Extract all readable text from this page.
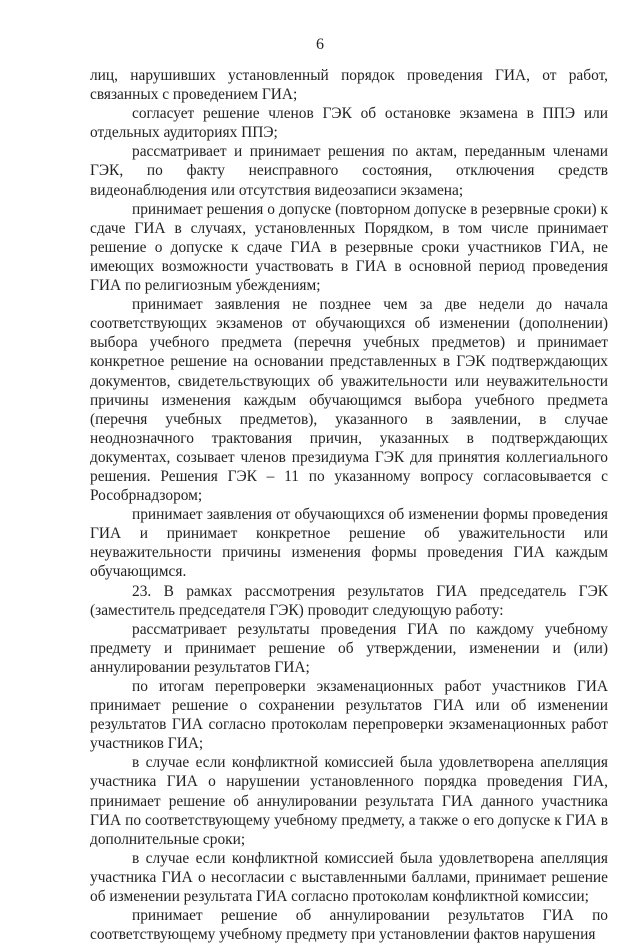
6

лиц, нарушивших установленный порядок проведения ГИА, от работ, связанных с проведением ГИА;

согласует решение членов ГЭК об остановке экзамена в ППЭ или отдельных аудиториях ППЭ;

рассматривает и принимает решения по актам, переданным членами ГЭК, по факту неисправного состояния, отключения средств видеонаблюдения или отсутствия видеозаписи экзамена;

принимает решения о допуске (повторном допуске в резервные сроки) к сдаче ГИА в случаях, установленных Порядком, в том числе принимает решение о допуске к сдаче ГИА в резервные сроки участников ГИА, не имеющих возможности участвовать в ГИА в основной период проведения ГИА по религиозным убеждениям;

принимает заявления не позднее чем за две недели до начала соответствующих экзаменов от обучающихся об изменении (дополнении) выбора учебного предмета (перечня учебных предметов) и принимает конкретное решение на основании представленных в ГЭК подтверждающих документов, свидетельствующих об уважительности или неуважительности причины изменения каждым обучающимся выбора учебного предмета (перечня учебных предметов), указанного в заявлении, в случае неоднозначного трактования причин, указанных в подтверждающих документах, созывает членов президиума ГЭК для принятия коллегиального решения. Решения ГЭК – 11 по указанному вопросу согласовывается с Рособрнадзором;

принимает заявления от обучающихся об изменении формы проведения ГИА и принимает конкретное решение об уважительности или неуважительности причины изменения формы проведения ГИА каждым обучающимся.

23. В рамках рассмотрения результатов ГИА председатель ГЭК (заместитель председателя ГЭК) проводит следующую работу:

рассматривает результаты проведения ГИА по каждому учебному предмету и принимает решение об утверждении, изменении и (или) аннулировании результатов ГИА;

по итогам перепроверки экзаменационных работ участников ГИА принимает решение о сохранении результатов ГИА или об изменении результатов ГИА согласно протоколам перепроверки экзаменационных работ участников ГИА;

в случае если конфликтной комиссией была удовлетворена апелляция участника ГИА о нарушении установленного порядка проведения ГИА, принимает решение об аннулировании результата ГИА данного участника ГИА по соответствующему учебному предмету, а также о его допуске к ГИА в дополнительные сроки;

в случае если конфликтной комиссией была удовлетворена апелляция участника ГИА о несогласии с выставленными баллами, принимает решение об изменении результата ГИА согласно протоколам конфликтной комиссии;

принимает решение об аннулировании результатов ГИА по соответствующему учебному предмету при установлении фактов нарушения
